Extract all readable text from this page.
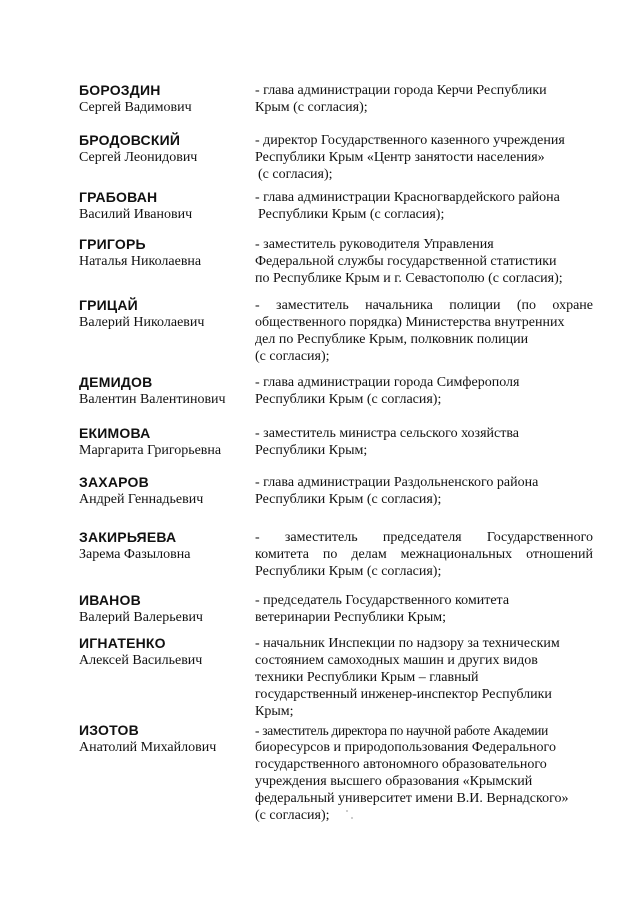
БОРОЗДИН
Сергей Вадимович
- глава администрации города Керчи Республики
Крым (с согласия);
БРОДОВСКИЙ
Сергей Леонидович
- директор Государственного казенного учреждения
Республики Крым «Центр занятости населения»
(с согласия);
ГРАБОВАН
Василий Иванович
- глава администрации Красногвардейского района
Республики Крым (с согласия);
ГРИГОРЬ
Наталья Николаевна
- заместитель руководителя Управления
Федеральной службы государственной статистики
по Республике Крым и г. Севастополю (с согласия);
ГРИЦАЙ
Валерий Николаевич
- заместитель начальника полиции (по охране
общественного порядка) Министерства внутренних
дел по Республике Крым, полковник полиции
(с согласия);
ДЕМИДОВ
Валентин Валентинович
- глава администрации города Симферополя
Республики Крым (с согласия);
ЕКИМОВА
Маргарита Григорьевна
- заместитель министра сельского хозяйства
Республики Крым;
ЗАХАРОВ
Андрей Геннадьевич
- глава администрации Раздольненского района
Республики Крым (с согласия);
ЗАКИРЬЯЕВА
Зарема Фазыловна
- заместитель председателя Государственного
комитета по делам межнациональных отношений
Республики Крым (с согласия);
ИВАНОВ
Валерий Валерьевич
- председатель Государственного комитета
ветеринарии Республики Крым;
ИГНАТЕНКО
Алексей Васильевич
- начальник Инспекции по надзору за техническим
состоянием самоходных машин и других видов
техники Республики Крым – главный
государственный инженер-инспектор Республики
Крым;
ИЗОТОВ
Анатолий Михайлович
- заместитель директора по научной работе Академии
биоресурсов и природопользования Федерального
государственного автономного образовательного
учреждения высшего образования «Крымский
федеральный университет имени В.И. Вернадского»
(с согласия);
